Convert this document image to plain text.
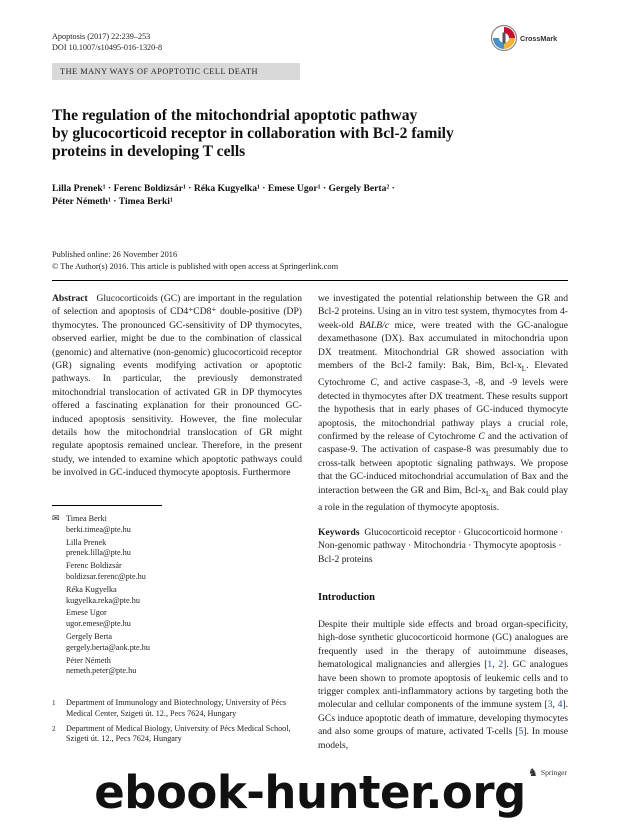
Apoptosis (2017) 22:239–253
DOI 10.1007/s10495-016-1320-8
CrossMark
THE MANY WAYS OF APOPTOTIC CELL DEATH
The regulation of the mitochondrial apoptotic pathway
by glucocorticoid receptor in collaboration with Bcl-2 family
proteins in developing T cells
Lilla Prenek¹ · Ferenc Boldizsár¹ · Réka Kugyelka¹ · Emese Ugor¹ · Gergely Berta² ·
Péter Németh¹ · Timea Berki¹
Published online: 26 November 2016
© The Author(s) 2016. This article is published with open access at Springerlink.com

Abstract Glucocorticoids (GC) are important in the regulation of selection and apoptosis of CD4⁺CD8⁺ double-positive (DP) thymocytes. The pronounced GC-sensitivity of DP thymocytes, observed earlier, might be due to the combination of classical (genomic) and alternative (non-genomic) glucocorticoid receptor (GR) signaling events modifying activation or apoptotic pathways. In particular, the previously demonstrated mitochondrial translocation of activated GR in DP thymocytes offered a fascinating explanation for their pronounced GC-induced apoptosis sensitivity. However, the fine molecular details how the mitochondrial translocation of GR might regulate apoptosis remained unclear. Therefore, in the present study, we intended to examine which apoptotic pathways could be involved in GC-induced thymocyte apoptosis. Furthermore

we investigated the potential relationship between the GR and Bcl-2 proteins. Using an in vitro test system, thymocytes from 4-week-old BALB/c mice, were treated with the GC-analogue dexamethasone (DX). Bax accumulated in mitochondria upon DX treatment. Mitochondrial GR showed association with members of the Bcl-2 family: Bak, Bim, Bcl-$x_L$. Elevated Cytochrome C, and active caspase-3, -8, and -9 levels were detected in thymocytes after DX treatment. These results support the hypothesis that in early phases of GC-induced thymocyte apoptosis, the mitochondrial pathway plays a crucial role, confirmed by the release of Cytochrome C and the activation of caspase-9. The activation of caspase-8 was presumably due to cross-talk between apoptotic signaling pathways. We propose that the GC-induced mitochondrial accumulation of Bax and the interaction between the GR and Bim, Bcl-$x_L$ and Bak could play a role in the regulation of thymocyte apoptosis.

Keywords Glucocorticoid receptor · Glucocorticoid hormone · Non-genomic pathway · Mitochondria · Thymocyte apoptosis · Bcl-2 proteins
✉ Timea Berki
berki.timea@pte.hu
Lilla Prenek
prenek.lilla@pte.hu
Ferenc Boldizsár
boldizsar.ferenc@pte.hu
Réka Kugyelka
kugyelka.reka@pte.hu
Emese Ugor
ugor.emese@pte.hu
Gergely Berta
gergely.berta@aok.pte.hu
Péter Németh
nemeth.peter@pte.hu
1	Department of Immunology and Biotechnology, University of Pécs Medical Center, Szigeti út. 12., Pecs 7624, Hungary
2	Department of Medical Biology, University of Pécs Medical School, Szigeti út. 12., Pecs 7624, Hungary
Introduction

Despite their multiple side effects and broad organ-specificity, high-dose synthetic glucocorticoid hormone (GC) analogues are frequently used in the therapy of autoimmune diseases, hematological malignancies and allergies [1, 2]. GC analogues have been shown to promote apoptosis of leukemic cells and to trigger complex anti-inflammatory actions by targeting both the molecular and cellular components of the immune system [3, 4]. GCs induce apoptotic death of immature, developing thymocytes and also some groups of mature, activated T-cells [5]. In mouse models,

♞ Springer
ebook-hunter.org
